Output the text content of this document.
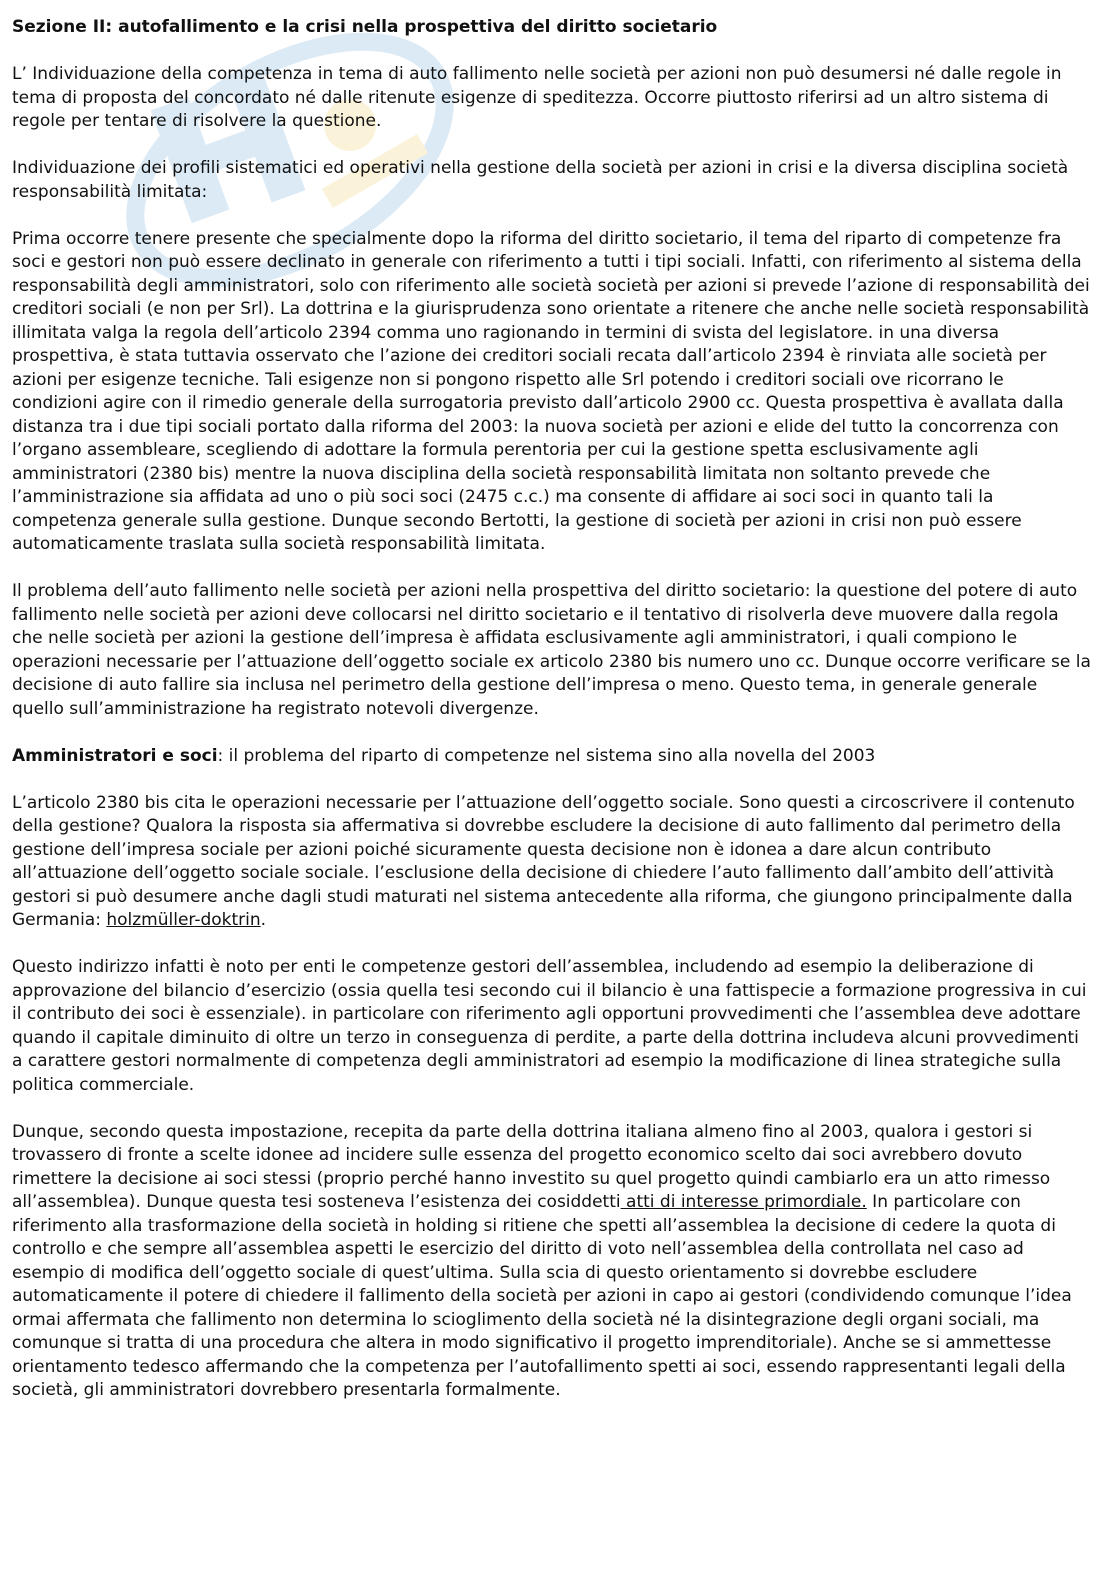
Sezione II: autofallimento e la crisi nella prospettiva del diritto societario

L’ Individuazione della competenza in tema di auto fallimento nelle società per azioni non può desumersi né dalle regole in tema di proposta del concordato né dalle ritenute esigenze di speditezza. Occorre piuttosto riferirsi ad un altro sistema di regole per tentare di risolvere la questione.

Individuazione dei profili sistematici ed operativi nella gestione della società per azioni in crisi e la diversa disciplina società responsabilità limitata:

Prima occorre tenere presente che specialmente dopo la riforma del diritto societario, il tema del riparto di competenze fra soci e gestori non può essere declinato in generale con riferimento a tutti i tipi sociali. Infatti, con riferimento al sistema della responsabilità degli amministratori, solo con riferimento alle società società per azioni si prevede l’azione di responsabilità dei creditori sociali (e non per Srl). La dottrina e la giurisprudenza sono orientate a ritenere che anche nelle società responsabilità illimitata valga la regola dell’articolo 2394 comma uno ragionando in termini di svista del legislatore. in una diversa prospettiva, è stata tuttavia osservato che l’azione dei creditori sociali recata dall’articolo 2394 è rinviata alle società per azioni per esigenze tecniche. Tali esigenze non si pongono rispetto alle Srl potendo i creditori sociali ove ricorrano le condizioni agire con il rimedio generale della surrogatoria previsto dall’articolo 2900 cc. Questa prospettiva è avallata dalla distanza tra i due tipi sociali portato dalla riforma del 2003: la nuova società per azioni e elide del tutto la concorrenza con l’organo assembleare, scegliendo di adottare la formula perentoria per cui la gestione spetta esclusivamente agli amministratori (2380 bis) mentre la nuova disciplina della società responsabilità limitata non soltanto prevede che l’amministrazione sia affidata ad uno o più soci soci (2475 c.c.) ma consente di affidare ai soci soci in quanto tali la competenza generale sulla gestione. Dunque secondo Bertotti, la gestione di società per azioni in crisi non può essere automaticamente traslata sulla società responsabilità limitata.

Il problema dell’auto fallimento nelle società per azioni nella prospettiva del diritto societario: la questione del potere di auto fallimento nelle società per azioni deve collocarsi nel diritto societario e il tentativo di risolverla deve muovere dalla regola che nelle società per azioni la gestione dell’impresa è affidata esclusivamente agli amministratori, i quali compiono le operazioni necessarie per l’attuazione dell’oggetto sociale ex articolo 2380 bis numero uno cc. Dunque occorre verificare se la decisione di auto fallire sia inclusa nel perimetro della gestione dell’impresa o meno. Questo tema, in generale generale quello sull’amministrazione ha registrato notevoli divergenze.

Amministratori e soci: il problema del riparto di competenze nel sistema sino alla novella del 2003

L’articolo 2380 bis cita le operazioni necessarie per l’attuazione dell’oggetto sociale. Sono questi a circoscrivere il contenuto della gestione? Qualora la risposta sia affermativa si dovrebbe escludere la decisione di auto fallimento dal perimetro della gestione dell’impresa sociale per azioni poiché sicuramente questa decisione non è idonea a dare alcun contributo all’attuazione dell’oggetto sociale sociale. l’esclusione della decisione di chiedere l’auto fallimento dall’ambito dell’attività gestori si può desumere anche dagli studi maturati nel sistema antecedente alla riforma, che giungono principalmente dalla Germania: holzmüller-doktrin.

Questo indirizzo infatti è noto per enti le competenze gestori dell’assemblea, includendo ad esempio la deliberazione di approvazione del bilancio d’esercizio (ossia quella tesi secondo cui il bilancio è una fattispecie a formazione progressiva in cui il contributo dei soci è essenziale). in particolare con riferimento agli opportuni provvedimenti che l’assemblea deve adottare quando il capitale diminuito di oltre un terzo in conseguenza di perdite, a parte della dottrina includeva alcuni provvedimenti a carattere gestori normalmente di competenza degli amministratori ad esempio la modificazione di linea strategiche sulla politica commerciale.

Dunque, secondo questa impostazione, recepita da parte della dottrina italiana almeno fino al 2003, qualora i gestori si trovassero di fronte a scelte idonee ad incidere sulle essenza del progetto economico scelto dai soci avrebbero dovuto rimettere la decisione ai soci stessi (proprio perché hanno investito su quel progetto quindi cambiarlo era un atto rimesso all’assemblea). Dunque questa tesi sosteneva l’esistenza dei cosiddetti atti di interesse primordiale. In particolare con riferimento alla trasformazione della società in holding si ritiene che spetti all’assemblea la decisione di cedere la quota di controllo e che sempre all’assemblea aspetti le esercizio del diritto di voto nell’assemblea della controllata nel caso ad esempio di modifica dell’oggetto sociale di quest’ultima. Sulla scia di questo orientamento si dovrebbe escludere automaticamente il potere di chiedere il fallimento della società per azioni in capo ai gestori (condividendo comunque l’idea ormai affermata che fallimento non determina lo scioglimento della società né la disintegrazione degli organi sociali, ma comunque si tratta di una procedura che altera in modo significativo il progetto imprenditoriale). Anche se si ammettesse orientamento tedesco affermando che la competenza per l’autofallimento spetti ai soci, essendo rappresentanti legali della società, gli amministratori dovrebbero presentarla formalmente.
